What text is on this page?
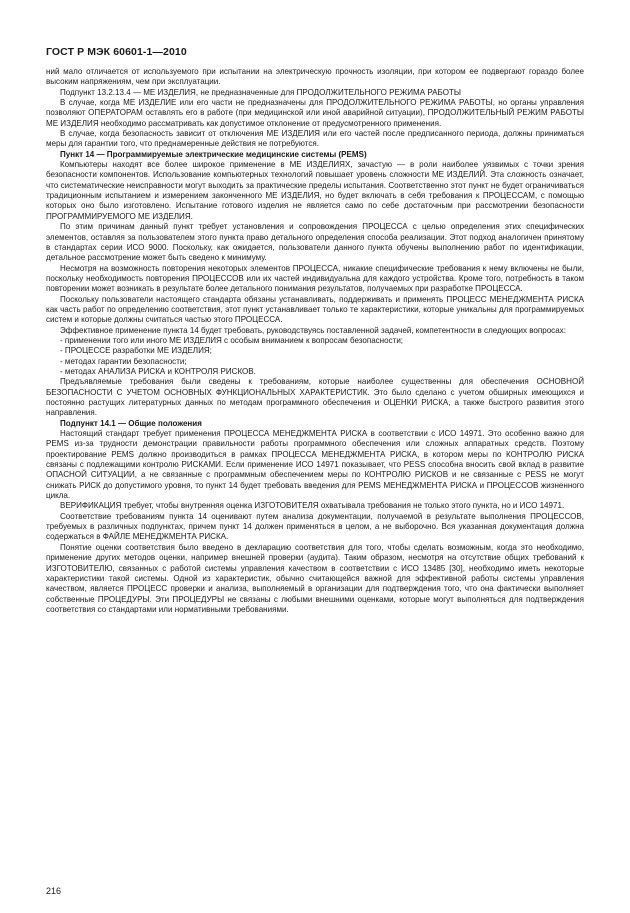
ГОСТ Р МЭК 60601-1—2010

ний мало отличается от используемого при испытании на электрическую прочность изоляции, при котором ее подвергают гораздо более высоким напряжениям, чем при эксплуатации.

Подпункт 13.2.13.4 — МЕ ИЗДЕЛИЯ, не предназначенные для ПРОДОЛЖИТЕЛЬНОГО РЕЖИМА РАБОТЫ

В случае, когда МЕ ИЗДЕЛИЕ или его части не предназначены для ПРОДОЛЖИТЕЛЬНОГО РЕЖИМА РАБОТЫ, но органы управления позволяют ОПЕРАТОРАМ оставлять его в работе (при медицинской или иной аварийной ситуации), ПРОДОЛЖИТЕЛЬНЫЙ РЕЖИМ РАБОТЫ МЕ ИЗДЕЛИЯ необходимо рассматривать как допустимое отклонение от предусмотренного применения.

В случае, когда безопасность зависит от отключения МЕ ИЗДЕЛИЯ или его частей после предписанного периода, должны приниматься меры для гарантии того, что преднамеренные действия не потребуются.

Пункт 14 — Программируемые электрические медицинские системы (PEMS)

Компьютеры находят все более широкое применение в МЕ ИЗДЕЛИЯХ, зачастую — в роли наиболее уязвимых с точки зрения безопасности компонентов. Использование компьютерных технологий повышает уровень сложности МЕ ИЗДЕЛИЙ. Эта сложность означает, что систематические неисправности могут выходить за практические пределы испытания. Соответственно этот пункт не будет ограничиваться традиционным испытанием и измерением законченного МЕ ИЗДЕЛИЯ, но будет включать в себя требования к ПРОЦЕССАМ, с помощью которых оно было изготовлено. Испытание готового изделия не является само по себе достаточным при рассмотрении безопасности ПРОГРАММИРУЕМОГО МЕ ИЗДЕЛИЯ.

По этим причинам данный пункт требует установления и сопровождения ПРОЦЕССА с целью определения этих специфических элементов, оставляя за пользователем этого пункта право детального определения способа реализации. Этот подход аналогичен принятому в стандартах серии ИСО 9000. Поскольку, как ожидается, пользователи данного пункта обучены выполнению работ по идентификации, детальное рассмотрение может быть сведено к минимуму.

Несмотря на возможность повторения некоторых элементов ПРОЦЕССА, никакие специфические требования к нему включены не были, поскольку необходимость повторения ПРОЦЕССОВ или их частей индивидуальна для каждого устройства. Кроме того, потребность в таком повторении может возникать в результате более детального понимания результатов, получаемых при разработке ПРОЦЕССА.

Поскольку пользователи настоящего стандарта обязаны устанавливать, поддерживать и применять ПРОЦЕСС МЕНЕДЖМЕНТА РИСКА как часть работ по определению соответствия, этот пункт устанавливает только те характеристики, которые уникальны для программируемых систем и которые должны считаться частью этого ПРОЦЕССА.

Эффективное применение пункта 14 будет требовать, руководствуясь поставленной задачей, компетентности в следующих вопросах:

- применении того или иного МЕ ИЗДЕЛИЯ с особым вниманием к вопросам безопасности;

- ПРОЦЕССЕ разработки МЕ ИЗДЕЛИЯ;

- методах гарантии безопасности;

- методах АНАЛИЗА РИСКА и КОНТРОЛЯ РИСКОВ.

Предъявляемые требования были сведены к требованиям, которые наиболее существенны для обеспечения ОСНОВНОЙ БЕЗОПАСНОСТИ С УЧЕТОМ ОСНОВНЫХ ФУНКЦИОНАЛЬНЫХ ХАРАКТЕРИСТИК. Это было сделано с учетом обширных имеющихся и постоянно растущих литературных данных по методам программного обеспечения и ОЦЕНКИ РИСКА, а также быстрого развития этого направления.

Подпункт 14.1 — Общие положения

Настоящий стандарт требует применения ПРОЦЕССА МЕНЕДЖМЕНТА РИСКА в соответствии с ИСО 14971. Это особенно важно для PEMS из-за трудности демонстрации правильности работы программного обеспечения или сложных аппаратных средств. Поэтому проектирование PEMS должно производиться в рамках ПРОЦЕССА МЕНЕДЖМЕНТА РИСКА, в котором меры по КОНТРОЛЮ РИСКА связаны с подлежащими контролю РИСКАМИ. Если применение ИСО 14971 показывает, что PESS способна вносить свой вклад в развитие ОПАСНОЙ СИТУАЦИИ, а не связанные с программным обеспечением меры по КОНТРОЛЮ РИСКОВ и не связанные с PESS не могут снижать РИСК до допустимого уровня, то пункт 14 будет требовать введения для PEMS МЕНЕДЖМЕНТА РИСКА и ПРОЦЕССОВ жизненного цикла.

ВЕРИФИКАЦИЯ требует, чтобы внутренняя оценка ИЗГОТОВИТЕЛЯ охватывала требования не только этого пункта, но и ИСО 14971.

Соответствие требованиям пункта 14 оценивают путем анализа документации, получаемой в результате выполнения ПРОЦЕССОВ, требуемых в различных подпунктах, причем пункт 14 должен применяться в целом, а не выборочно. Вся указанная документация должна содержаться в ФАЙЛЕ МЕНЕДЖМЕНТА РИСКА.

Понятие оценки соответствия было введено в декларацию соответствия для того, чтобы сделать возможным, когда это необходимо, применение других методов оценки, например внешней проверки (аудита). Таким образом, несмотря на отсутствие общих требований к ИЗГОТОВИТЕЛЮ, связанных с работой системы управления качеством в соответствии с ИСО 13485 [30], необходимо иметь некоторые характеристики такой системы. Одной из характеристик, обычно считающейся важной для эффективной работы системы управления качеством, является ПРОЦЕСС проверки и анализа, выполняемый в организации для подтверждения того, что она фактически выполняет собственные ПРОЦЕДУРЫ. Эти ПРОЦЕДУРЫ не связаны с любыми внешними оценками, которые могут выполняться для подтверждения соответствия со стандартами или нормативными требованиями.

216
